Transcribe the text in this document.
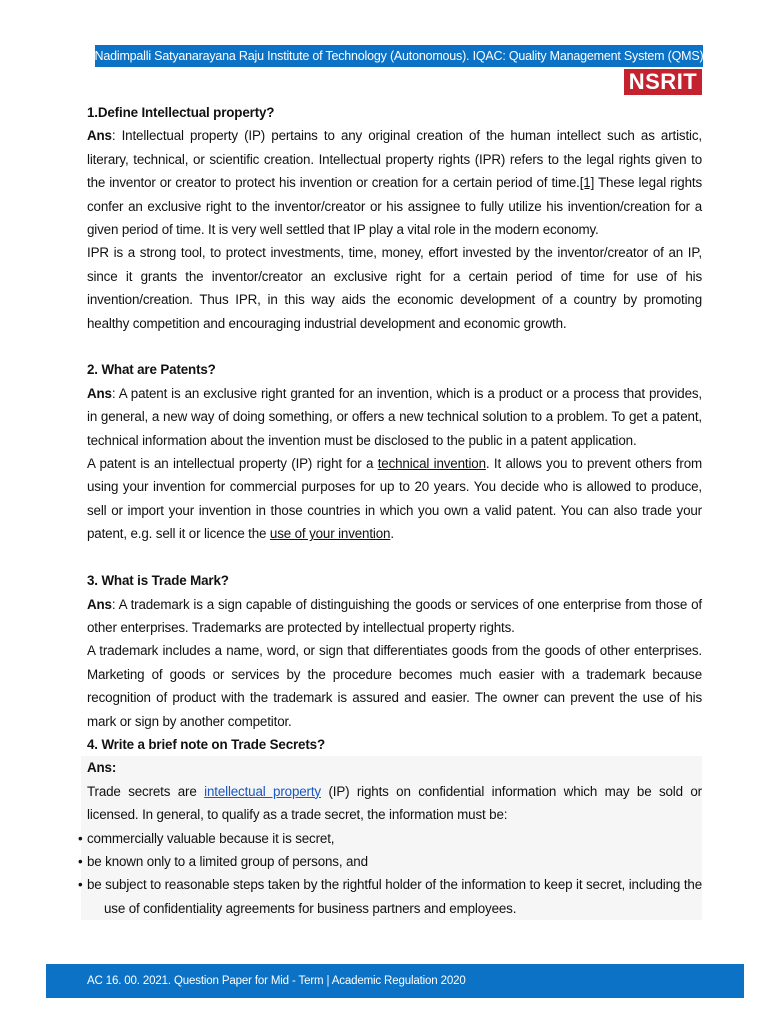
Nadimpalli Satyanarayana Raju Institute of Technology (Autonomous). IQAC: Quality Management System (QMS)
NSRIT

1.Define Intellectual property?

Ans: Intellectual property (IP) pertains to any original creation of the human intellect such as artistic, literary, technical, or scientific creation. Intellectual property rights (IPR) refers to the legal rights given to the inventor or creator to protect his invention or creation for a certain period of time.[1] These legal rights confer an exclusive right to the inventor/creator or his assignee to fully utilize his invention/creation for a given period of time. It is very well settled that IP play a vital role in the modern economy.

IPR is a strong tool, to protect investments, time, money, effort invested by the inventor/creator of an IP, since it grants the inventor/creator an exclusive right for a certain period of time for use of his invention/creation. Thus IPR, in this way aids the economic development of a country by promoting healthy competition and encouraging industrial development and economic growth.

2. What are Patents?

Ans: A patent is an exclusive right granted for an invention, which is a product or a process that provides, in general, a new way of doing something, or offers a new technical solution to a problem. To get a patent, technical information about the invention must be disclosed to the public in a patent application.

A patent is an intellectual property (IP) right for a technical invention. It allows you to prevent others from using your invention for commercial purposes for up to 20 years. You decide who is allowed to produce, sell or import your invention in those countries in which you own a valid patent. You can also trade your patent, e.g. sell it or licence the use of your invention.

3. What is Trade Mark?

Ans: A trademark is a sign capable of distinguishing the goods or services of one enterprise from those of other enterprises. Trademarks are protected by intellectual property rights.

A trademark includes a name, word, or sign that differentiates goods from the goods of other enterprises. Marketing of goods or services by the procedure becomes much easier with a trademark because recognition of product with the trademark is assured and easier. The owner can prevent the use of his mark or sign by another competitor.

4. Write a brief note on Trade Secrets?

Ans:

Trade secrets are intellectual property (IP) rights on confidential information which may be sold or licensed. In general, to qualify as a trade secret, the information must be:

• commercially valuable because it is secret,
• be known only to a limited group of persons, and
• be subject to reasonable steps taken by the rightful holder of the information to keep it secret, including the use of confidentiality agreements for business partners and employees.
AC 16. 00. 2021. Question Paper for Mid - Term | Academic Regulation 2020
